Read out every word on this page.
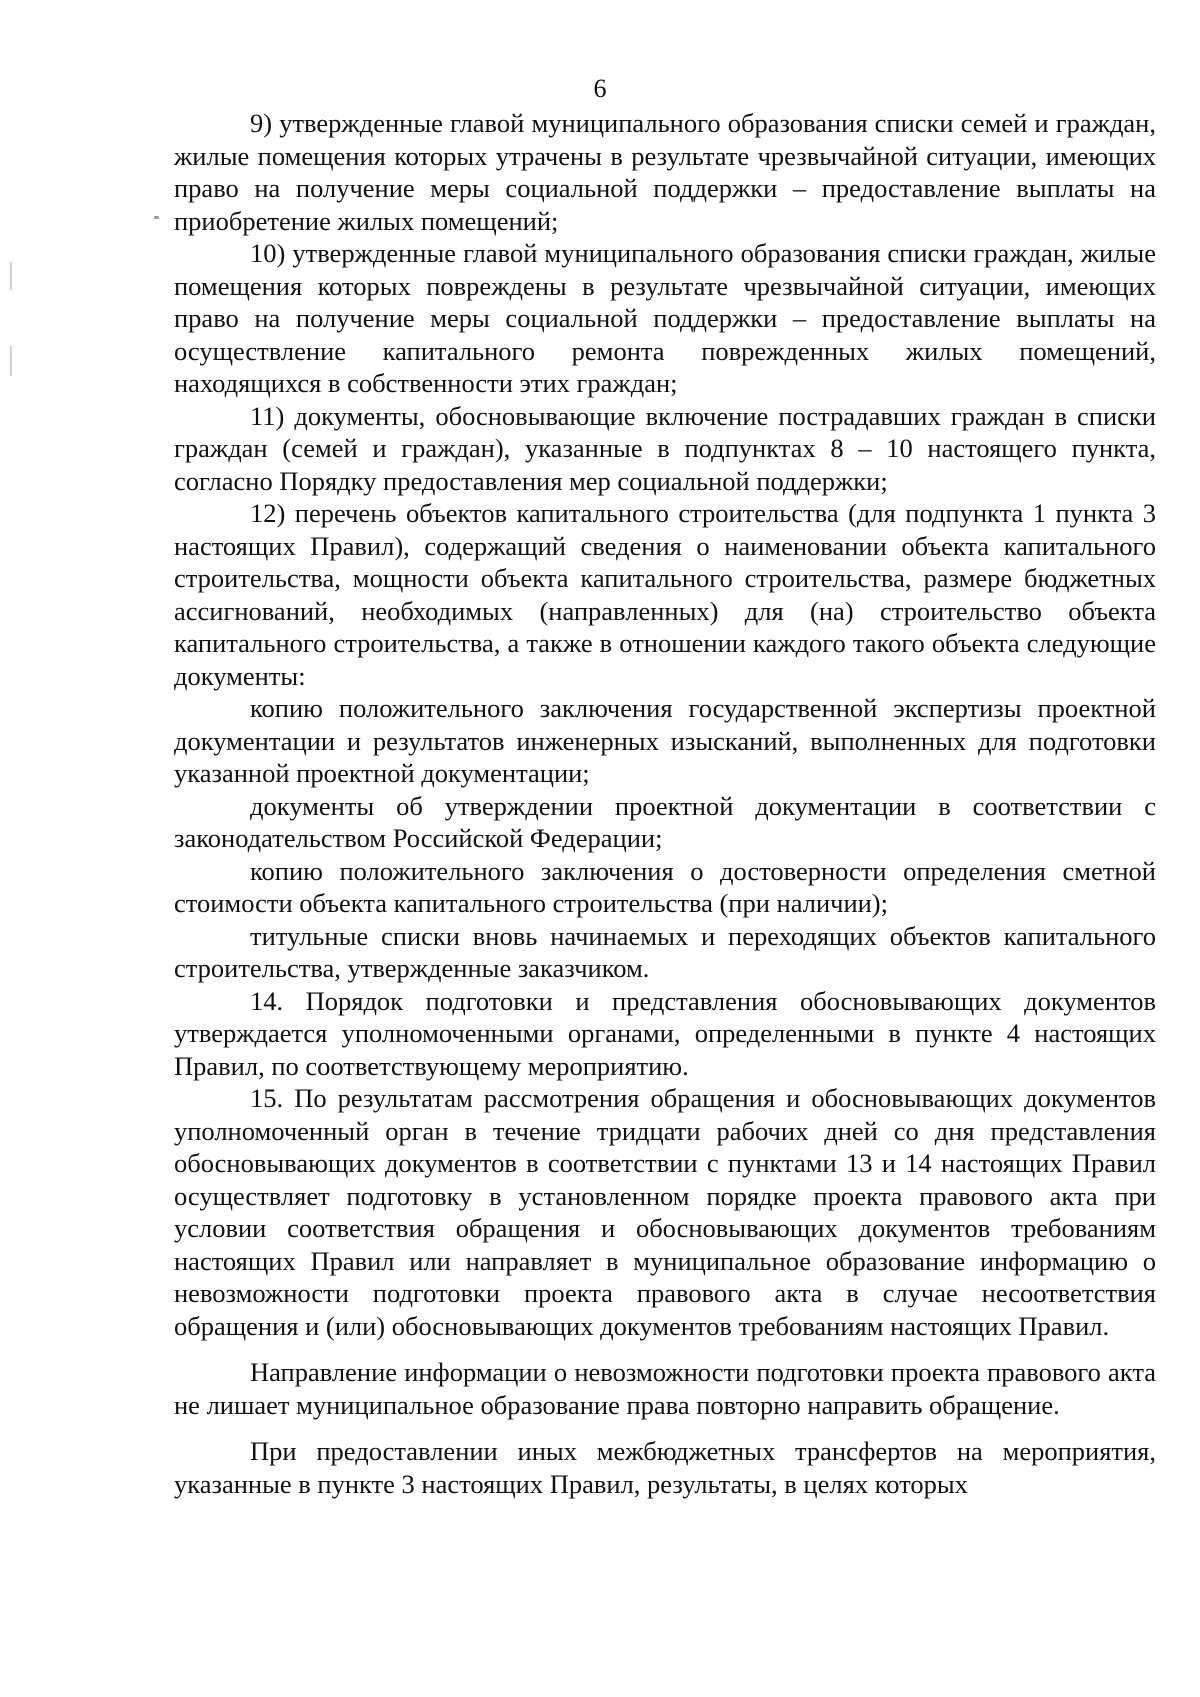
6

9) утвержденные главой муниципального образования списки семей и граждан, жилые помещения которых утрачены в результате чрезвычайной ситуации, имеющих право на получение меры социальной поддержки – предоставление выплаты на приобретение жилых помещений;

10) утвержденные главой муниципального образования списки граждан, жилые помещения которых повреждены в результате чрезвычайной ситуации, имеющих право на получение меры социальной поддержки – предоставление выплаты на осуществление капитального ремонта поврежденных жилых помещений, находящихся в собственности этих граждан;

11) документы, обосновывающие включение пострадавших граждан в списки граждан (семей и граждан), указанные в подпунктах 8 – 10 настоящего пункта, согласно Порядку предоставления мер социальной поддержки;

12) перечень объектов капитального строительства (для подпункта 1 пункта 3 настоящих Правил), содержащий сведения о наименовании объекта капитального строительства, мощности объекта капитального строительства, размере бюджетных ассигнований, необходимых (направленных) для (на) строительство объекта капитального строительства, а также в отношении каждого такого объекта следующие документы:

копию положительного заключения государственной экспертизы проектной документации и результатов инженерных изысканий, выполненных для подготовки указанной проектной документации;

документы об утверждении проектной документации в соответствии с законодательством Российской Федерации;

копию положительного заключения о достоверности определения сметной стоимости объекта капитального строительства (при наличии);

титульные списки вновь начинаемых и переходящих объектов капитального строительства, утвержденные заказчиком.

14. Порядок подготовки и представления обосновывающих документов утверждается уполномоченными органами, определенными в пункте 4 настоящих Правил, по соответствующему мероприятию.

15. По результатам рассмотрения обращения и обосновывающих документов уполномоченный орган в течение тридцати рабочих дней со дня представления обосновывающих документов в соответствии с пунктами 13 и 14 настоящих Правил осуществляет подготовку в установленном порядке проекта правового акта при условии соответствия обращения и обосновывающих документов требованиям настоящих Правил или направляет в муниципальное образование информацию о невозможности подготовки проекта правового акта в случае несоответствия обращения и (или) обосновывающих документов требованиям настоящих Правил.

Направление информации о невозможности подготовки проекта правового акта не лишает муниципальное образование права повторно направить обращение.

При предоставлении иных межбюджетных трансфертов на мероприятия, указанные в пункте 3 настоящих Правил, результаты, в целях которых
